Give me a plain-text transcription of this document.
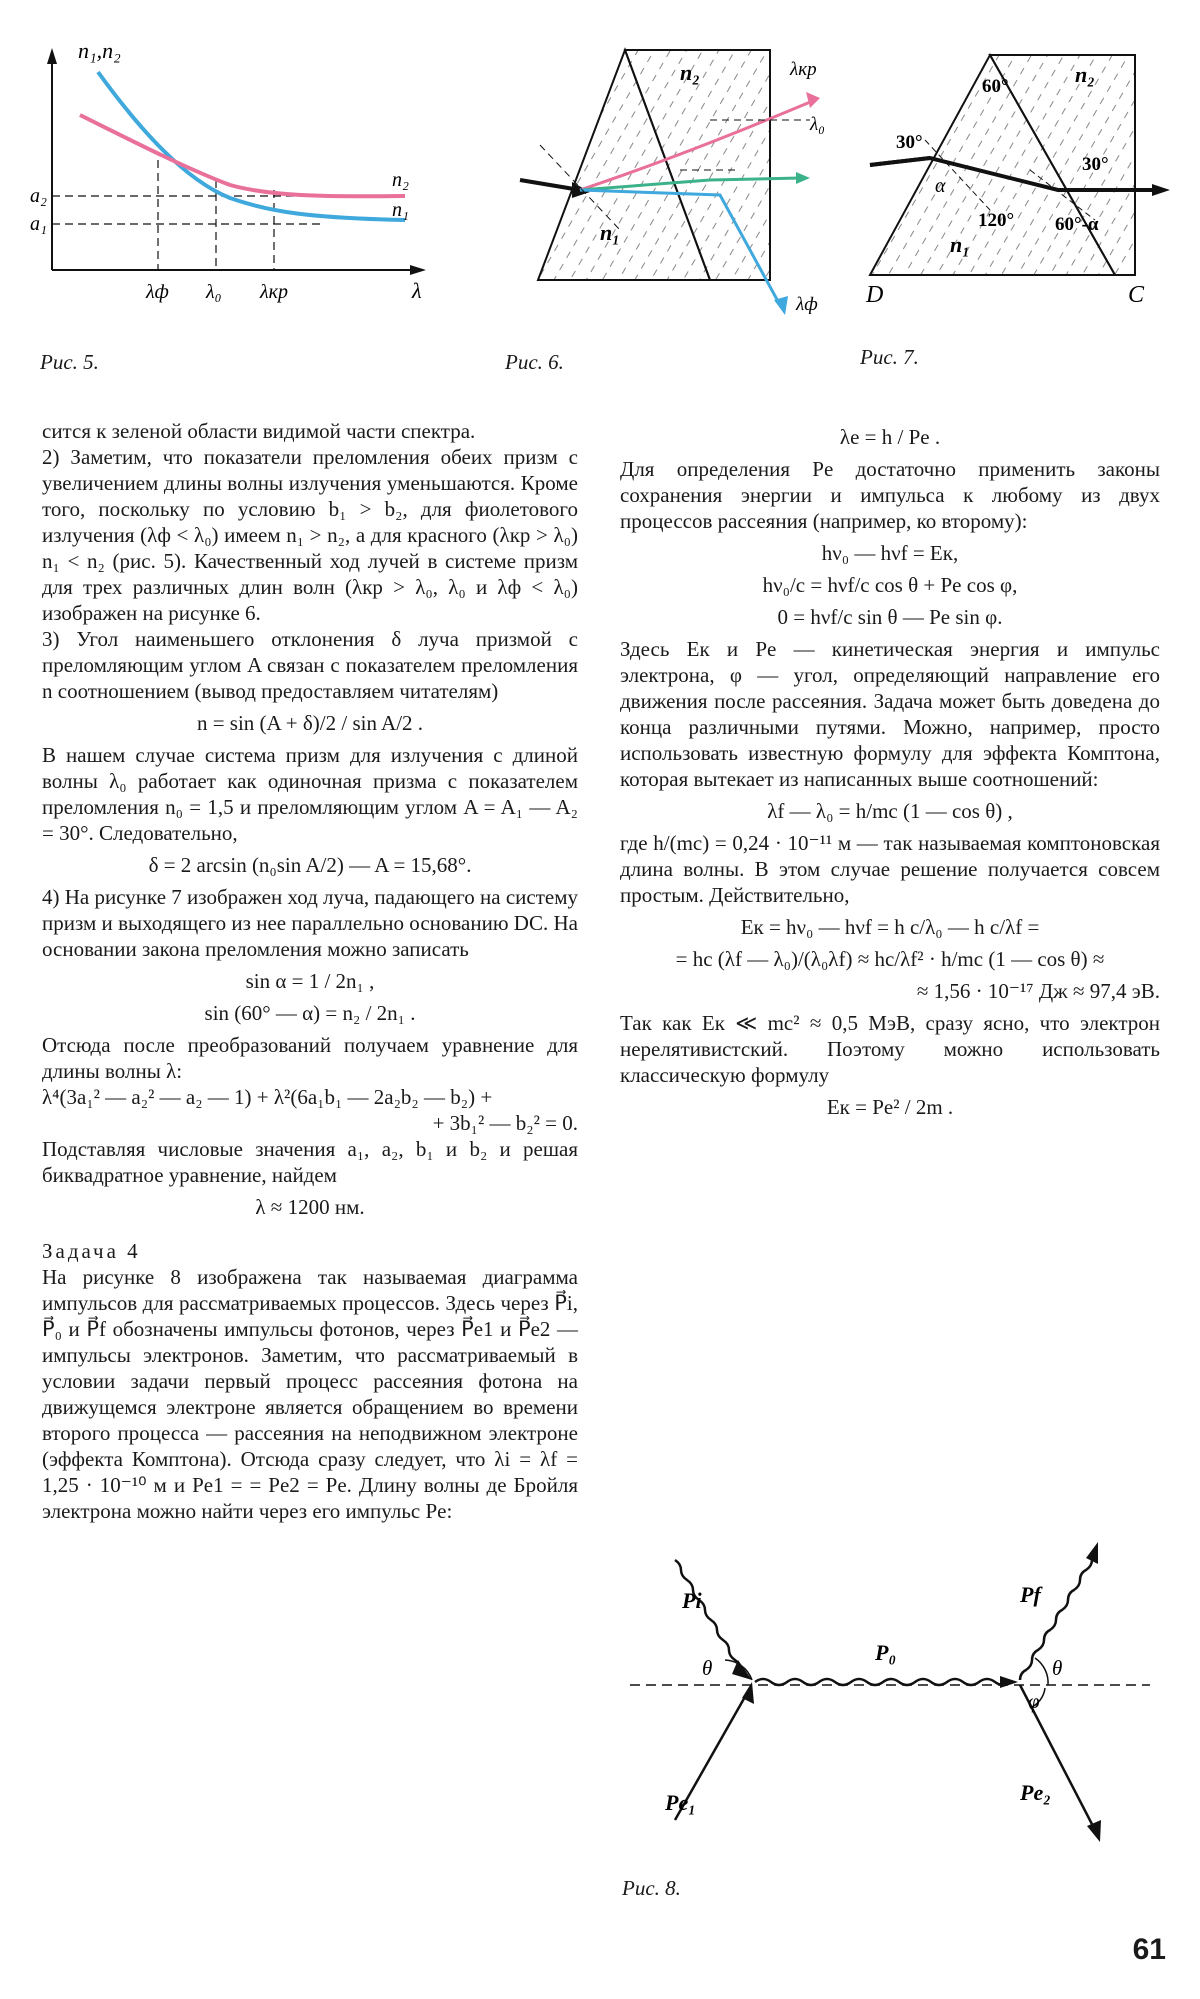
n₁,n₂
a₂
a₁
λф λ₀ λкр	λ
n₂
n₁
Рис. 5.
n₂
n₁
λкр
λ₀
λф
Рис. 6.
60°	n₂
30°
30°
α
120° 60°-α
n₁
D	C
Рис. 7.

сится к зеленой области видимой части спектра.

2) Заметим, что показатели преломления обеих призм с увеличением длины волны излучения уменьшаются. Кроме того, поскольку по условию b₁ > b₂, для фиолетового излучения (λф < λ₀) имеем n₁ > n₂, а для красного (λкр > λ₀) n₁ < n₂ (рис. 5). Качественный ход лучей в системе призм для трех различных длин волн (λкр > λ₀, λ₀ и λф < λ₀) изображен на рисунке 6.

3) Угол наименьшего отклонения δ луча призмой с преломляющим углом A связан с показателем преломления n соотношением (вывод предоставляем читателям)

n = sin (A + δ)/2 / sin A/2 .

В нашем случае система призм для излучения с длиной волны λ₀ работает как одиночная призма с показателем преломления n₀ = 1,5 и преломляющим углом A = A₁ — A₂ = 30°. Следовательно,

δ = 2 arcsin (n₀sin A/2) — A = 15,68°.

4) На рисунке 7 изображен ход луча, падающего на систему призм и выходящего из нее параллельно основанию DC. На основании закона преломления можно записать

sin α = 1 / 2n₁ ,

sin (60° — α) = n₂ / 2n₁ .

Отсюда после преобразований получаем уравнение для длины волны λ:

λ⁴(3a₁² — a₂² — a₂ — 1) + λ²(6a₁b₁ — 2a₂b₂ — b₂) +

+ 3b₁² — b₂² = 0.

Подставляя числовые значения a₁, a₂, b₁ и b₂ и решая биквадратное уравнение, найдем

λ ≈ 1200 нм.

Задача 4

На рисунке 8 изображена так называемая диаграмма импульсов для рассматриваемых процессов. Здесь через P⃗i, P⃗₀ и P⃗f обозначены импульсы фотонов, через P⃗e1 и P⃗e2 — импульсы электронов. Заметим, что рассматриваемый в условии задачи первый процесс рассеяния фотона на движущемся электроне является обращением во времени второго процесса — рассеяния на неподвижном электроне (эффекта Комптона). Отсюда сразу следует, что λi = λf = 1,25 · 10⁻¹⁰ м и Pe1 = = Pe2 = Pe. Длину волны де Бройля электрона можно найти через его импульс Pe:

λe = h / Pe .

Для определения Pe достаточно применить законы сохранения энергии и импульса к любому из двух процессов рассеяния (например, ко второму):

hν₀ — hνf = Eк,

hν₀/c = hνf/c cos θ + Pe cos φ,

0 = hνf/c sin θ — Pe sin φ.

Здесь Eк и Pe — кинетическая энергия и импульс электрона, φ — угол, определяющий направление его движения после рассеяния. Задача может быть доведена до конца различными путями. Можно, например, просто использовать известную формулу для эффекта Комптона, которая вытекает из написанных выше соотношений:

λf — λ₀ = h/mc (1 — cos θ) ,

где h/(mc) = 0,24 · 10⁻¹¹ м — так называемая комптоновская длина волны. В этом случае решение получается совсем простым. Действительно,

Eк = hν₀ — hνf = h c/λ₀ — h c/λf =

= hc (λf — λ₀)/(λ₀λf) ≈ hc/λf² · h/mc (1 — cos θ) ≈

≈ 1,56 · 10⁻¹⁷ Дж ≈ 97,4 эВ.

Так как Eк ≪ mc² ≈ 0,5 МэВ, сразу ясно, что электрон нерелятивистский. Поэтому можно использовать классическую формулу

Eк = Pe² / 2m .

Pi	Pf
P₀
Pe₁	Pe₂
θ	θ
φ
Рис. 8.
61
